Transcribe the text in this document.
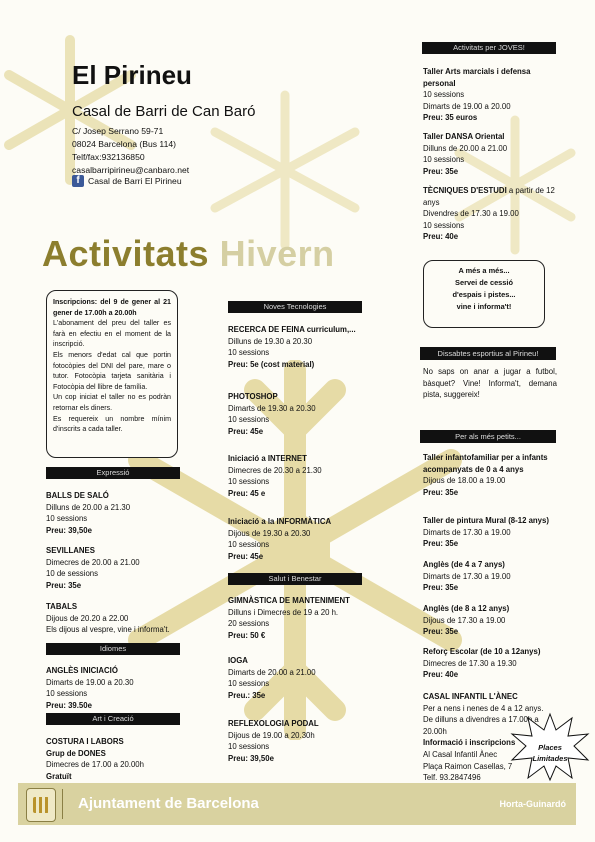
El Pirineu
Casal de Barri de Can Baró
C/ Josep Serrano 59-71
08024 Barcelona (Bus 114)
Telf/fax:932136850
casalbarripirineu@canbaro.net
f Casal de Barri El Pirineu
Activitats Hivern
Inscripcions: del 9 de gener al 21 gener de 17.00h a 20.00h
L'abonament del preu del taller es farà en efectiu en el moment de la inscripció.
Els menors d'edat cal que portin fotocòpies del DNI del pare, mare o tutor. Fotocòpia tarjeta sanitària i Fotocòpia del llibre de família.
Un cop iniciat el taller no es podràn retornar els diners.
Es requereix un nombre mínim d'inscrits a cada taller.
Expressió
BALLS DE SALÓ
Dilluns de 20.00 a 21.30
10 sessions
Preu: 39,50e
SEVILLANES
Dimecres de 20.00 a 21.00
10 de sessions
Preu: 35e
TABALS
Dijous de 20.20 a 22.00
Els dijous al vespre, vine i informa't.
Idiomes
ANGLÈS INICIACIÓ
Dimarts de 19.00 a 20.30
10 sessions
Preu: 39.50e
Art i Creació
COSTURA I LABORS
Grup de DONES
Dimecres de 17.00 a 20.00h
Gratuït
Noves Tecnologies
RECERCA DE FEINA curriculum,...
Dilluns de 19.30 a 20.30
10 sessions
Preu: 5e (cost material)
PHOTOSHOP
Dimarts de 19.30 a 20.30
10 sessions
Preu: 45e
Iniciació a INTERNET
Dimecres de 20.30 a 21.30
10 sessions
Preu: 45 e
Iniciació a la INFORMÀTICA
Dijous de 19.30 a 20.30
10 sessions
Preu: 45e
Salut i Benestar
GIMNÀSTICA DE MANTENIMENT
Dilluns i Dimecres de 19 a 20 h.
20 sessions
Preu: 50 €
IOGA
Dimarts de 20.00 a 21.00
10 sessions
Preu.: 35e
REFLEXOLOGIA PODAL
Dijous de 19.00 a 20.30h
10 sessions
Preu: 39,50e
Activitats per JOVES!
Taller Arts marcials i defensa
personal
10 sessions
Dimarts de 19.00 a 20.00
Preu: 35 euros
Taller DANSA Oriental
Dilluns de 20.00 a 21.00
10 sessions
Preu: 35e
TÈCNIQUES D'ESTUDI a partir de 12
anys
Divendres de 17.30 a 19.00
10 sessions
Preu: 40e
A més a més...
Servei de cessió
d'espais i pistes...
vine i informa't!
Dissabtes esportius al Pirineu!
No saps on anar a jugar a futbol, bàsquet? Vine! Informa't, demana pista, suggereix!
Per als més petits...
Taller infantofamiliar per a infants
acompanyats de 0 a 4 anys
Dijous de 18.00 a 19.00
Preu: 35e
Taller de pintura Mural (8-12 anys)
Dimarts de 17.30 a 19.00
Preu: 35e
Anglès (de 4 a 7 anys)
Dimarts de 17.30 a 19.00
Preu: 35e
Anglès (de 8 a 12 anys)
Dijous de 17.30 a 19.00
Preu: 35e
Reforç Escolar (de 10 a 12anys)
Dimecres de 17.30 a 19.30
Preu: 40e
CASAL INFANTIL L'ÀNEC
Per a nens i nenes de 4 a 12 anys.
De dilluns a divendres a 17.00h a
20.00h
Informació i inscripcions
Al Casal Infantil Ànec
Plaça Raimon Casellas, 7
Telf. 93.2847496
Places Limitades
Ajuntament de Barcelona	Horta-Guinardó
